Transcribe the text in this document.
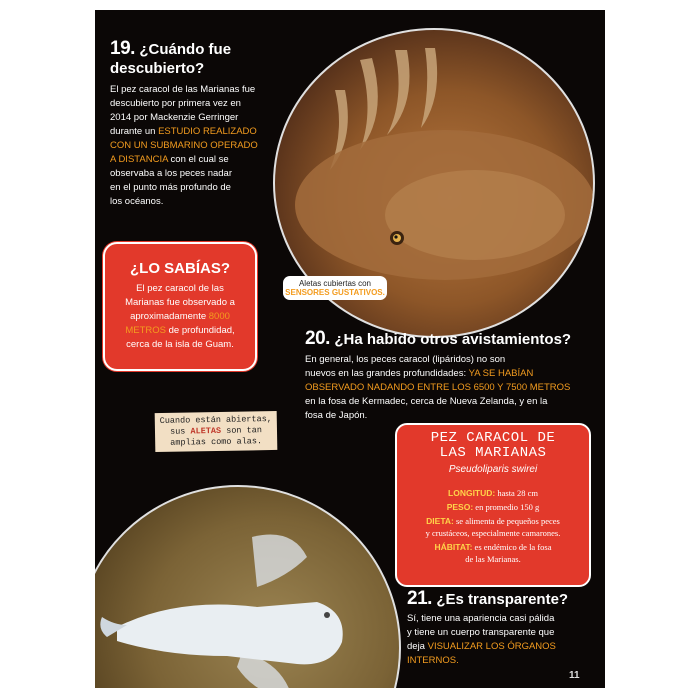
19. ¿Cuándo fue
descubierto?
El pez caracol de las Marianas fue
descubierto por primera vez en
2014 por Mackenzie Gerringer
durante un ESTUDIO REALIZADO
CON UN SUBMARINO OPERADO
A DISTANCIA con el cual se
observaba a los peces nadar
en el punto más profundo de
los océanos.
Aletas cubiertas con
SENSORES GUSTATIVOS.
¿LO SABÍAS?
El pez caracol de las
Marianas fue observado a
aproximadamente 8000
METROS de profundidad,
cerca de la isla de Guam.	20. ¿Ha habido otros avistamientos?
En general, los peces caracol (lipáridos) no son
nuevos en las grandes profundidades: YA SE HABÍAN
OBSERVADO NADANDO ENTRE LOS 6500 Y 7500 METROS
en la fosa de Kermadec, cerca de Nueva Zelanda, y en la
fosa de Japón.
Cuando están abiertas,
sus ALETAS son tan
amplias como alas.	PEZ CARACOL DE
LAS MARIANAS
Pseudoliparis swirei
LONGITUD: hasta 28 cm
PESO: en promedio 150 g
DIETA: se alimenta de pequeños peces
y crustáceos, especialmente camarones.
HÁBITAT: es endémico de la fosa
de las Marianas.
21. ¿Es transparente?
Sí, tiene una apariencia casi pálida
y tiene un cuerpo transparente que
deja VISUALIZAR LOS ÓRGANOS
INTERNOS.
11
